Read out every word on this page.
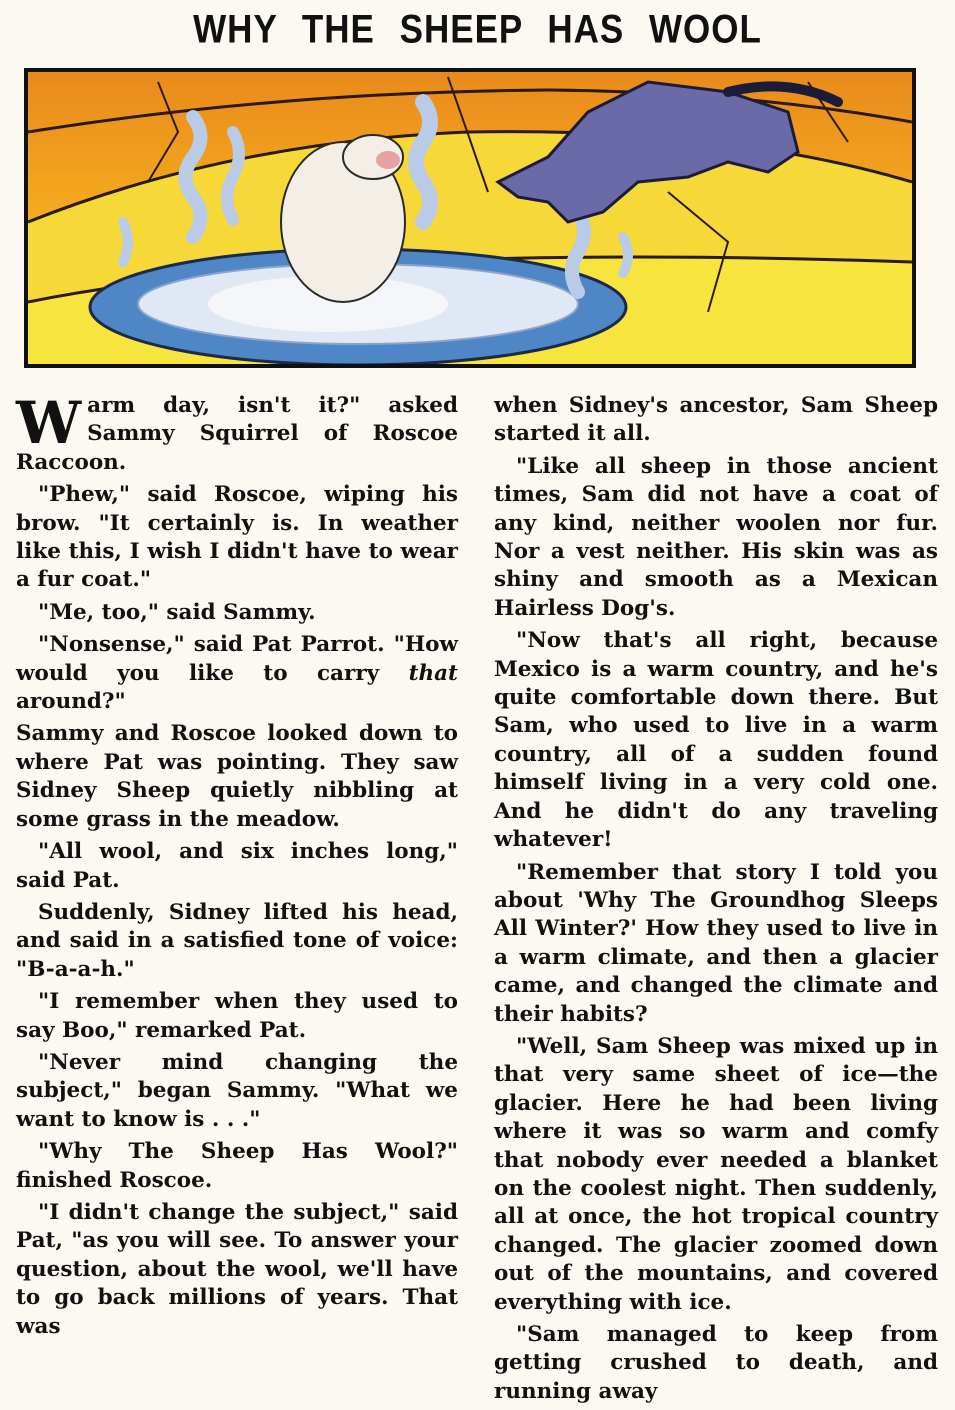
WHY THE SHEEP HAS WOOL

Warm day, isn't it?" asked Sammy Squirrel of Roscoe Raccoon.

"Phew," said Roscoe, wiping his brow. "It certainly is. In weather like this, I wish I didn't have to wear a fur coat."

"Me, too," said Sammy.

"Nonsense," said Pat Parrot. "How would you like to carry that around?"

Sammy and Roscoe looked down to where Pat was pointing. They saw Sidney Sheep quietly nibbling at some grass in the meadow.

"All wool, and six inches long," said Pat.

Suddenly, Sidney lifted his head, and said in a satisfied tone of voice: "B-a-a-h."

"I remember when they used to say Boo," remarked Pat.

"Never mind changing the subject," began Sammy. "What we want to know is . . ."

"Why The Sheep Has Wool?" finished Roscoe.

"I didn't change the subject," said Pat, "as you will see. To answer your question, about the wool, we'll have to go back millions of years. That was

when Sidney's ancestor, Sam Sheep started it all.

"Like all sheep in those ancient times, Sam did not have a coat of any kind, neither woolen nor fur. Nor a vest neither. His skin was as shiny and smooth as a Mexican Hairless Dog's.

"Now that's all right, because Mexico is a warm country, and he's quite comfortable down there. But Sam, who used to live in a warm country, all of a sudden found himself living in a very cold one. And he didn't do any traveling whatever!

"Remember that story I told you about 'Why The Groundhog Sleeps All Winter?' How they used to live in a warm climate, and then a glacier came, and changed the climate and their habits?

"Well, Sam Sheep was mixed up in that very same sheet of ice—the glacier. Here he had been living where it was so warm and comfy that nobody ever needed a blanket on the coolest night. Then suddenly, all at once, the hot tropical country changed. The glacier zoomed down out of the mountains, and covered everything with ice.

"Sam managed to keep from getting crushed to death, and running away
